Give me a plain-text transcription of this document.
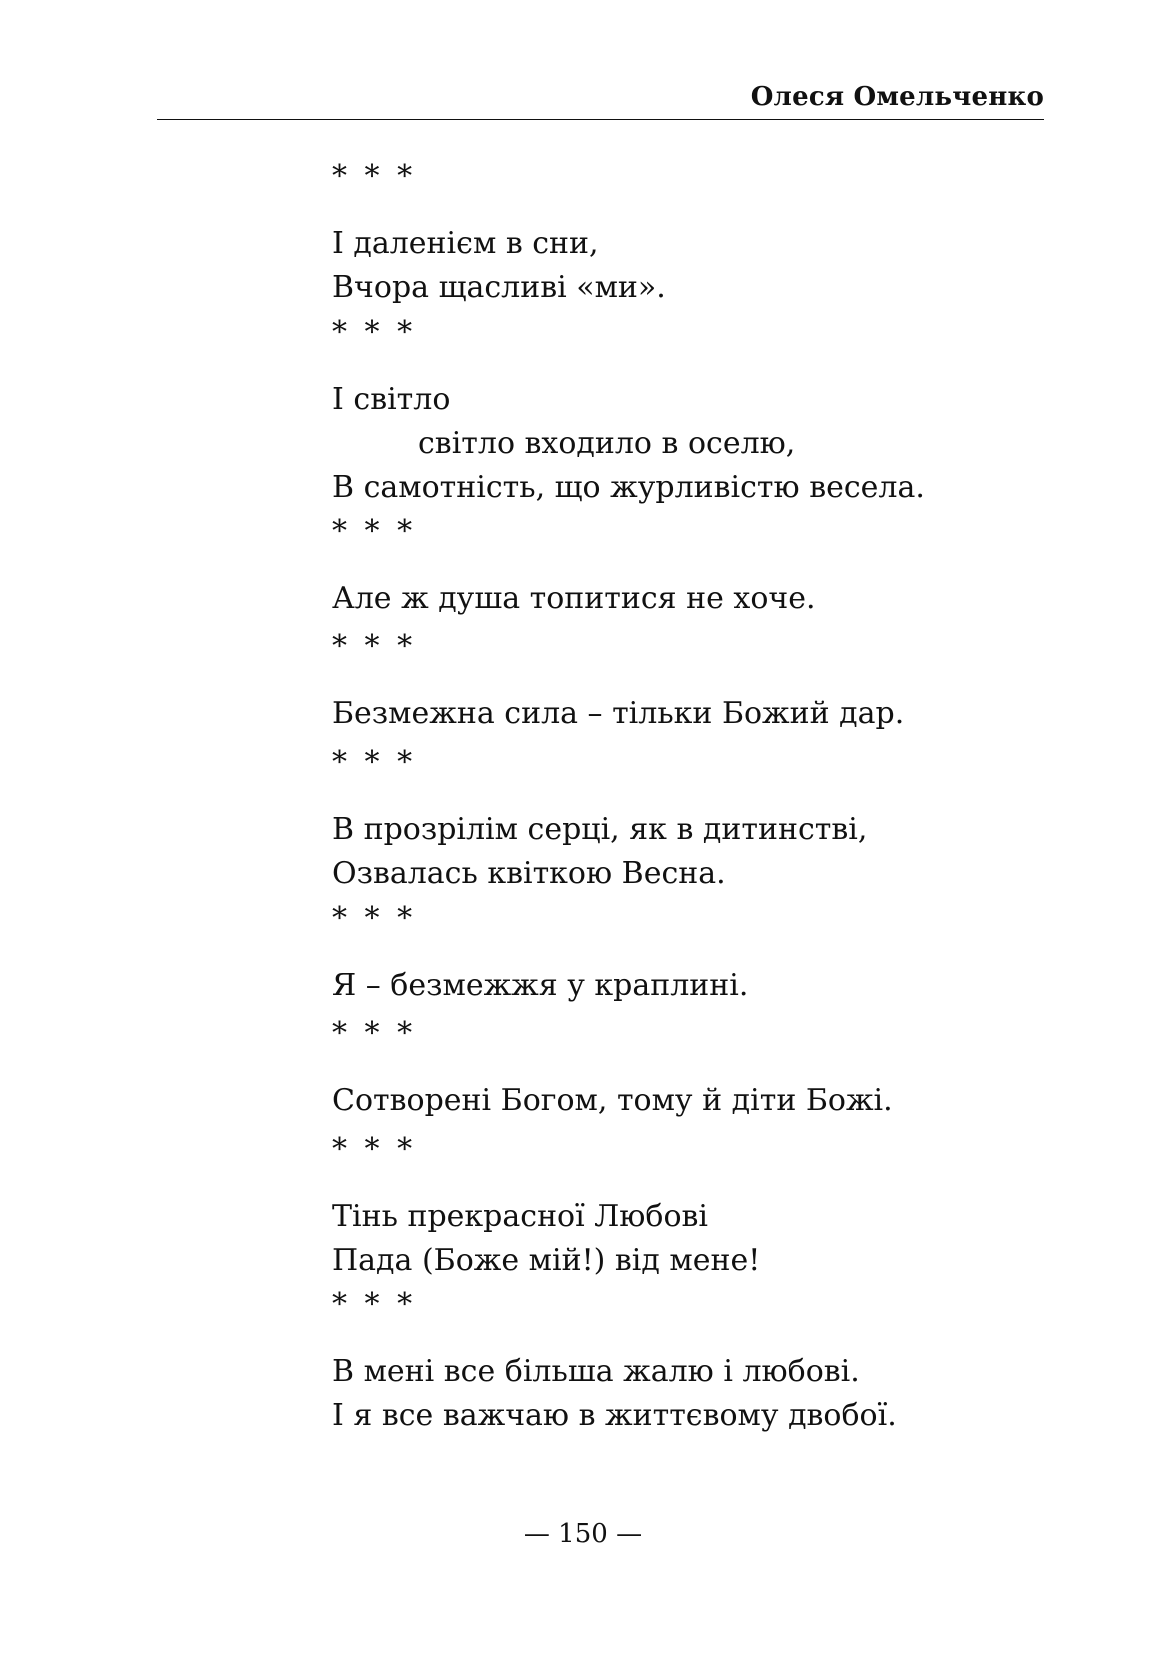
Олеся Омельченко
* * *
І даленієм в сни,
Вчора щасливі «ми».
* * *
І світло
світло входило в оселю,
В самотність, що журливістю весела.
* * *
Але ж душа топитися не хоче.
* * *
Безмежна сила – тільки Божий дар.
* * *
В прозрілім серці, як в дитинстві,
Озвалась квіткою Весна.
* * *
Я – безмежжя у краплині.
* * *
Сотворені Богом, тому й діти Божі.
* * *
Тінь прекрасної Любові
Пада (Боже мій!) від мене!
* * *
В мені все більша жалю і любові.
І я все важчаю в життєвому двобої.
— 150 —
